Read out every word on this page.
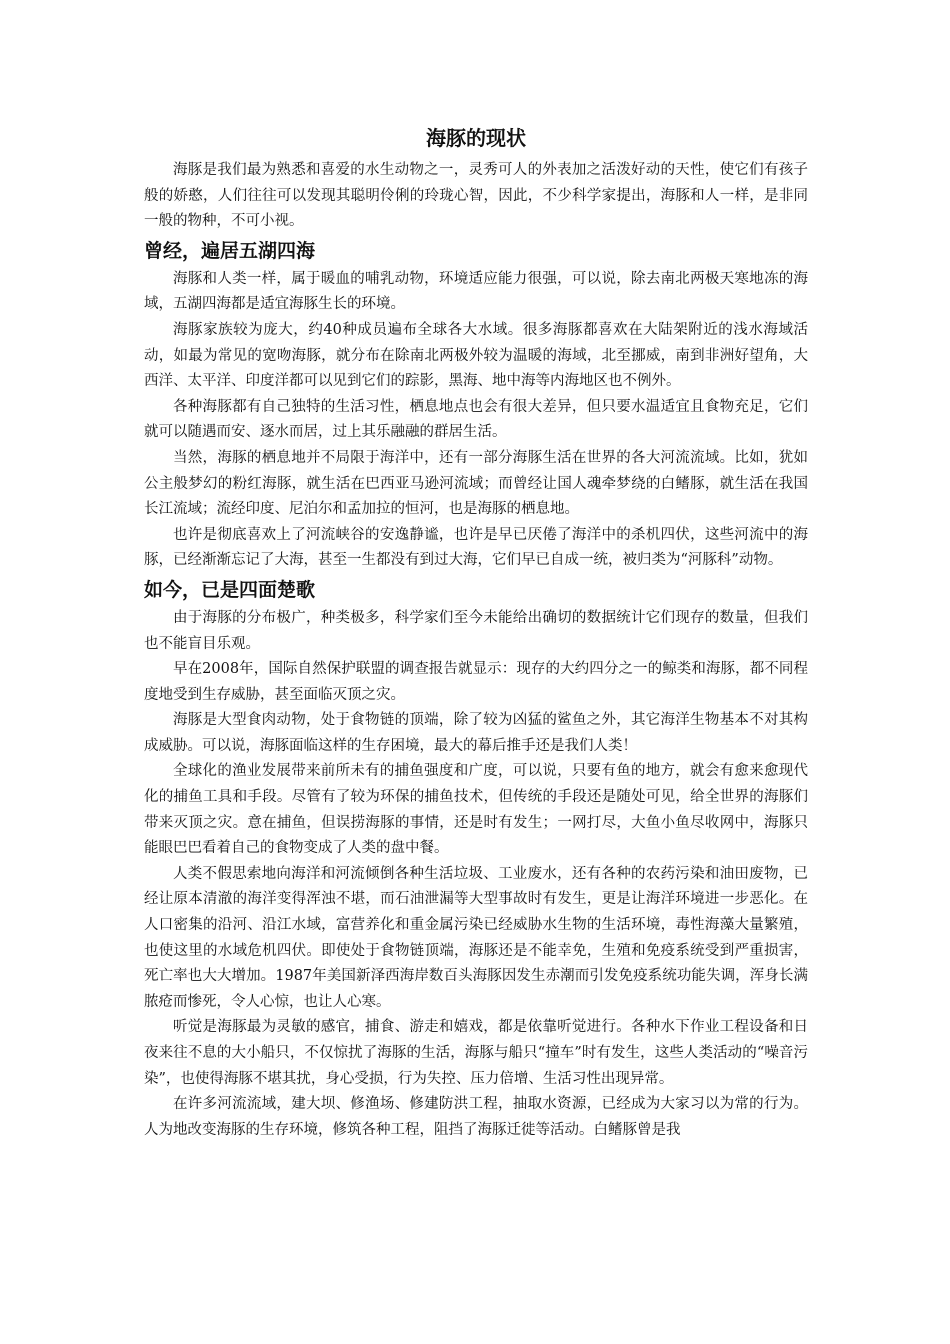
海豚的现状

海豚是我们最为熟悉和喜爱的水生动物之一，灵秀可人的外表加之活泼好动的天性，使它们有孩子般的娇憨，人们往往可以发现其聪明伶俐的玲珑心智，因此，不少科学家提出，海豚和人一样，是非同一般的物种，不可小视。

曾经，遍居五湖四海

海豚和人类一样，属于暖血的哺乳动物，环境适应能力很强，可以说，除去南北两极天寒地冻的海域，五湖四海都是适宜海豚生长的环境。

海豚家族较为庞大，约40种成员遍布全球各大水域。很多海豚都喜欢在大陆架附近的浅水海域活动，如最为常见的宽吻海豚，就分布在除南北两极外较为温暖的海域，北至挪威，南到非洲好望角，大西洋、太平洋、印度洋都可以见到它们的踪影，黑海、地中海等内海地区也不例外。

各种海豚都有自己独特的生活习性，栖息地点也会有很大差异，但只要水温适宜且食物充足，它们就可以随遇而安、逐水而居，过上其乐融融的群居生活。

当然，海豚的栖息地并不局限于海洋中，还有一部分海豚生活在世界的各大河流流域。比如，犹如公主般梦幻的粉红海豚，就生活在巴西亚马逊河流域；而曾经让国人魂牵梦绕的白鳍豚，就生活在我国长江流域；流经印度、尼泊尔和孟加拉的恒河，也是海豚的栖息地。

也许是彻底喜欢上了河流峡谷的安逸静谧，也许是早已厌倦了海洋中的杀机四伏，这些河流中的海豚，已经渐渐忘记了大海，甚至一生都没有到过大海，它们早已自成一统，被归类为“河豚科”动物。

如今，已是四面楚歌

由于海豚的分布极广，种类极多，科学家们至今未能给出确切的数据统计它们现存的数量，但我们也不能盲目乐观。

早在2008年，国际自然保护联盟的调查报告就显示：现存的大约四分之一的鲸类和海豚，都不同程度地受到生存威胁，甚至面临灭顶之灾。

海豚是大型食肉动物，处于食物链的顶端，除了较为凶猛的鲨鱼之外，其它海洋生物基本不对其构成威胁。可以说，海豚面临这样的生存困境，最大的幕后推手还是我们人类！

全球化的渔业发展带来前所未有的捕鱼强度和广度，可以说，只要有鱼的地方，就会有愈来愈现代化的捕鱼工具和手段。尽管有了较为环保的捕鱼技术，但传统的手段还是随处可见，给全世界的海豚们带来灭顶之灾。意在捕鱼，但误捞海豚的事情，还是时有发生；一网打尽，大鱼小鱼尽收网中，海豚只能眼巴巴看着自己的食物变成了人类的盘中餐。

人类不假思索地向海洋和河流倾倒各种生活垃圾、工业废水，还有各种的农药污染和油田废物，已经让原本清澈的海洋变得浑浊不堪，而石油泄漏等大型事故时有发生，更是让海洋环境进一步恶化。在人口密集的沿河、沿江水域，富营养化和重金属污染已经威胁水生物的生活环境，毒性海藻大量繁殖，也使这里的水域危机四伏。即使处于食物链顶端，海豚还是不能幸免，生殖和免疫系统受到严重损害，死亡率也大大增加。1987年美国新泽西海岸数百头海豚因发生赤潮而引发免疫系统功能失调，浑身长满脓疮而惨死，令人心惊，也让人心寒。

听觉是海豚最为灵敏的感官，捕食、游走和嬉戏，都是依靠听觉进行。各种水下作业工程设备和日夜来往不息的大小船只，不仅惊扰了海豚的生活，海豚与船只“撞车”时有发生，这些人类活动的“噪音污染”，也使得海豚不堪其扰，身心受损，行为失控、压力倍增、生活习性出现异常。

在许多河流流域，建大坝、修渔场、修建防洪工程，抽取水资源，已经成为大家习以为常的行为。人为地改变海豚的生存环境，修筑各种工程，阻挡了海豚迁徙等活动。白鳍豚曾是我
